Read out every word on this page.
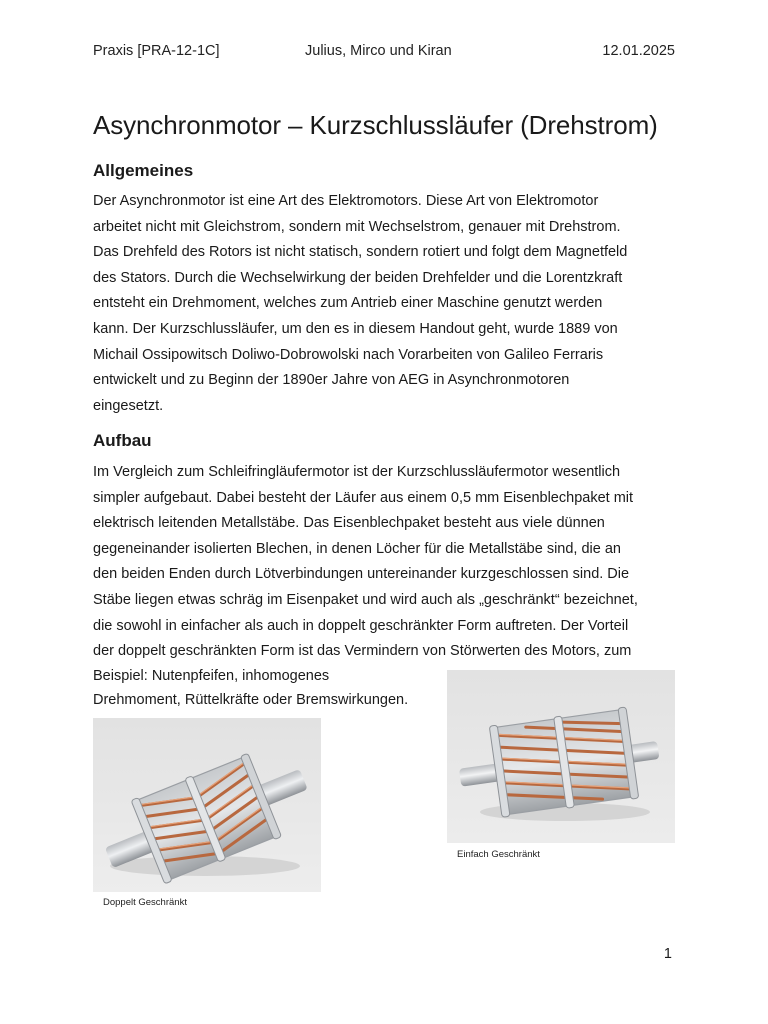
Praxis [PRA-12-1C]	Julius, Mirco und Kiran	12.01.2025
Asynchronmotor – Kurzschlussläufer (Drehstrom)
Allgemeines
Der Asynchronmotor ist eine Art des Elektromotors. Diese Art von Elektromotor
arbeitet nicht mit Gleichstrom, sondern mit Wechselstrom, genauer mit Drehstrom.
Das Drehfeld des Rotors ist nicht statisch, sondern rotiert und folgt dem Magnetfeld
des Stators. Durch die Wechselwirkung der beiden Drehfelder und die Lorentzkraft
entsteht ein Drehmoment, welches zum Antrieb einer Maschine genutzt werden
kann. Der Kurzschlussläufer, um den es in diesem Handout geht, wurde 1889 von
Michail Ossipowitsch Doliwo-Dobrowolski nach Vorarbeiten von Galileo Ferraris
entwickelt und zu Beginn der 1890er Jahre von AEG in Asynchronmotoren
eingesetzt.
Aufbau
Im Vergleich zum Schleifringläufermotor ist der Kurzschlussläufermotor wesentlich
simpler aufgebaut. Dabei besteht der Läufer aus einem 0,5 mm Eisenblechpaket mit
elektrisch leitenden Metallstäbe. Das Eisenblechpaket besteht aus viele dünnen
gegeneinander isolierten Blechen, in denen Löcher für die Metallstäbe sind, die an
den beiden Enden durch Lötverbindungen untereinander kurzgeschlossen sind. Die
Stäbe liegen etwas schräg im Eisenpaket und wird auch als „geschränkt“ bezeichnet,
die sowohl in einfacher als auch in doppelt geschränkter Form auftreten. Der Vorteil
der doppelt geschränkten Form ist das Vermindern von Störwerten des Motors, zum
Beispiel: Nutenpfeifen, inhomogenes
Drehmoment, Rüttelkräfte oder Bremswirkungen.
Doppelt Geschränkt
Einfach Geschränkt
1
